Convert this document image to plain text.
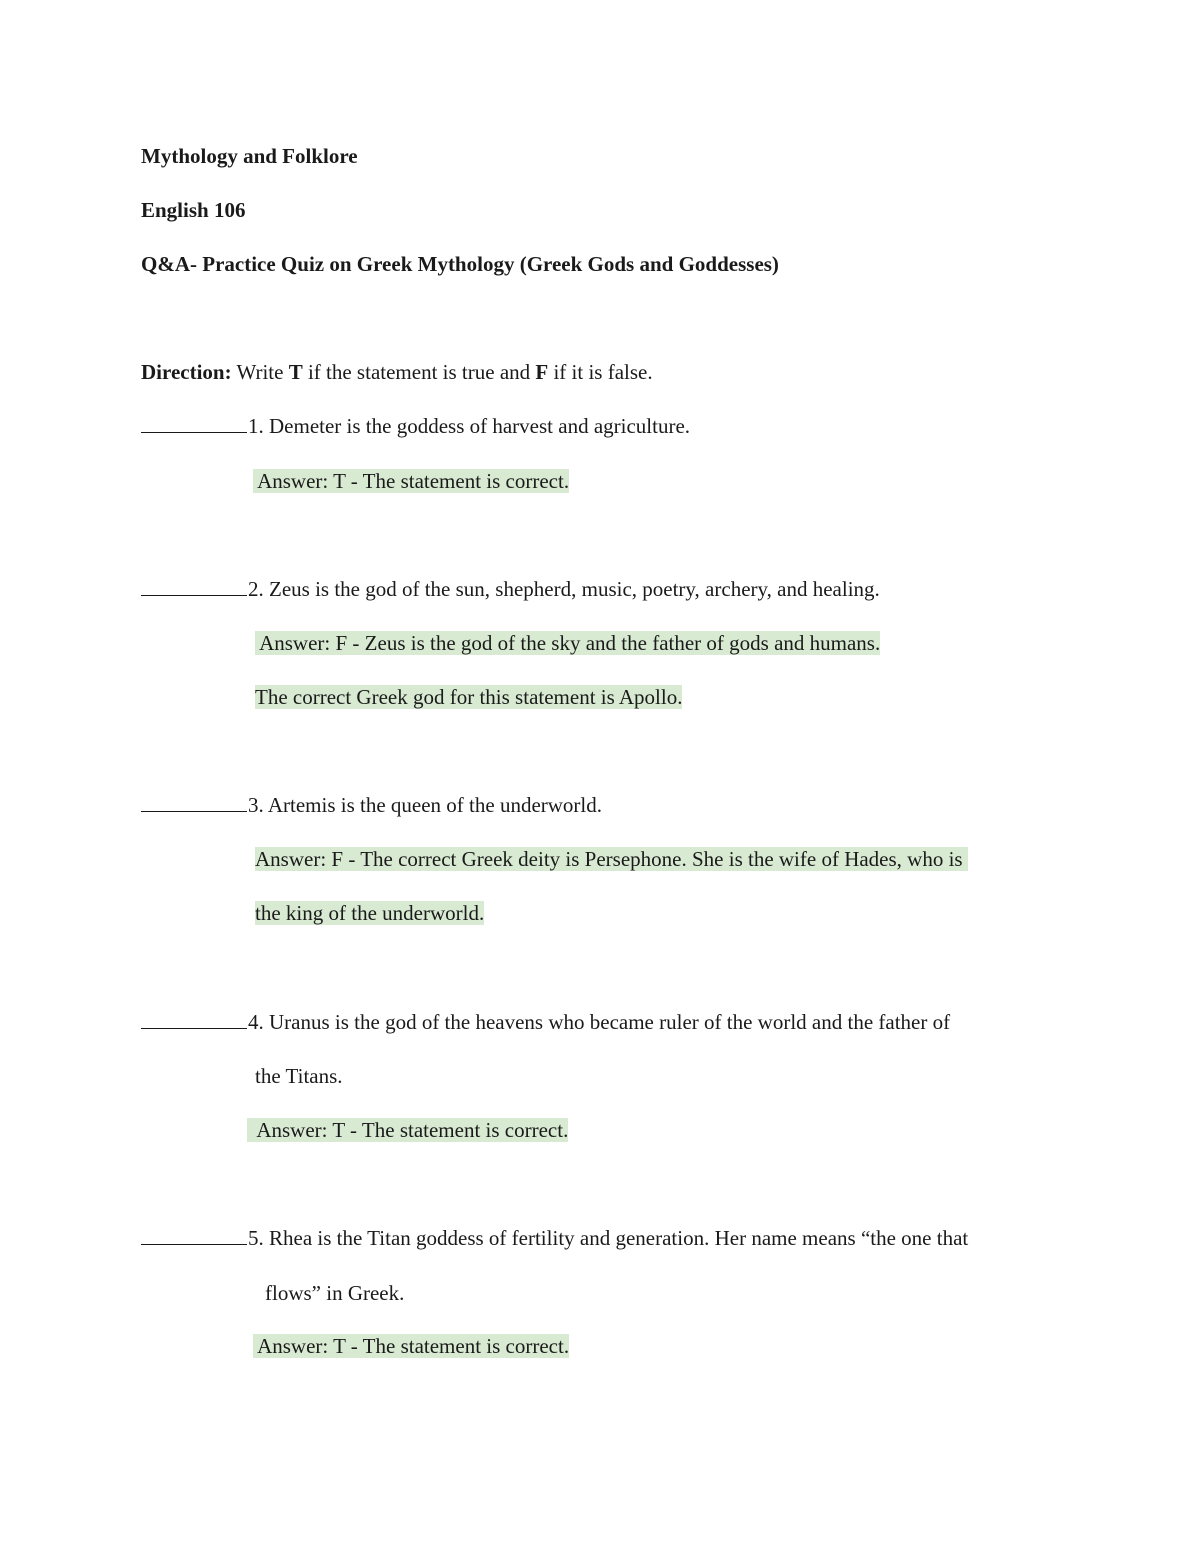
Mythology and Folklore
English 106
Q&A- Practice Quiz on Greek Mythology (Greek Gods and Goddesses)
Direction: Write T if the statement is true and F if it is false.
1. Demeter is the goddess of harvest and agriculture.
Answer: T - The statement is correct.
2. Zeus is the god of the sun, shepherd, music, poetry, archery, and healing.
Answer: F - Zeus is the god of the sky and the father of gods and humans.
The correct Greek god for this statement is Apollo.
3. Artemis is the queen of the underworld.
Answer: F - The correct Greek deity is Persephone. She is the wife of Hades, who is
the king of the underworld.
4. Uranus is the god of the heavens who became ruler of the world and the father of
the Titans.
Answer: T - The statement is correct.
5. Rhea is the Titan goddess of fertility and generation. Her name means “the one that
flows” in Greek.
Answer: T - The statement is correct.
